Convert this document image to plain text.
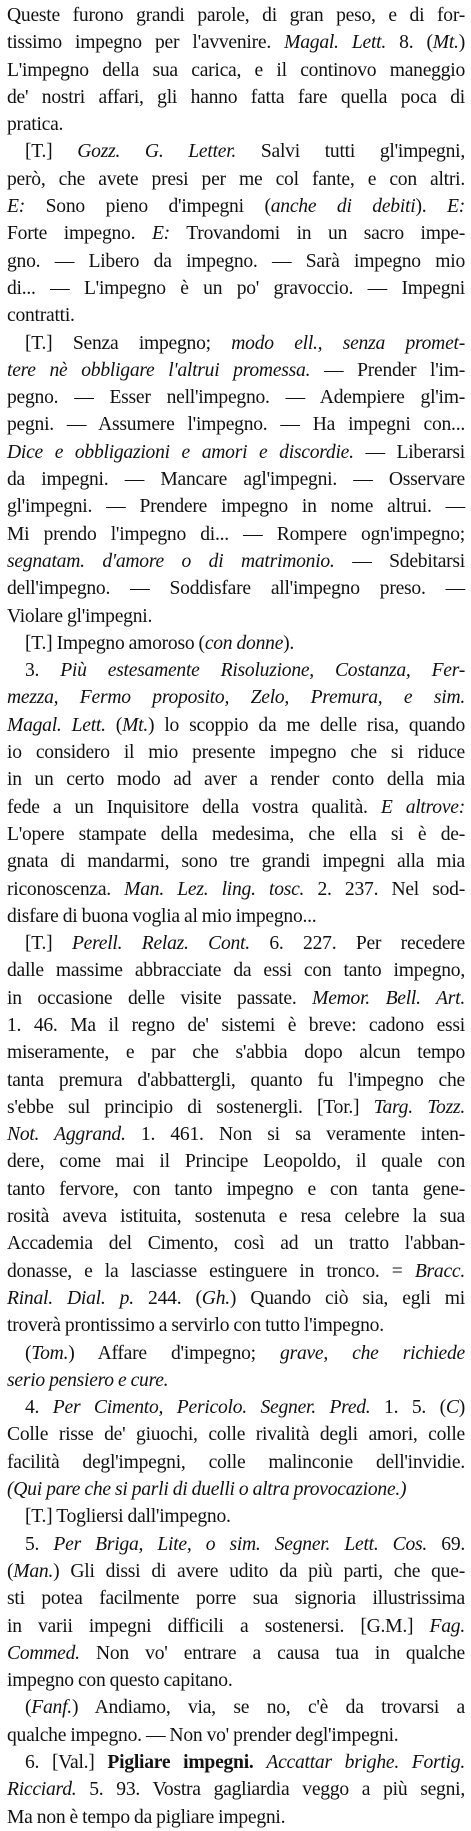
Queste furono grandi parole, di gran peso, e di for-
tissimo impegno per l'avvenire. Magal. Lett. 8. (Mt.)
L'impegno della sua carica, e il continovo maneggio
de' nostri affari, gli hanno fatta fare quella poca di
pratica.
[T.] Gozz. G. Letter. Salvi tutti gl'impegni,
però, che avete presi per me col fante, e con altri.
E: Sono pieno d'impegni (anche di debiti). E:
Forte impegno. E: Trovandomi in un sacro impe-
gno. — Libero da impegno. — Sarà impegno mio
di... — L'impegno è un po' gravoccio. — Impegni
contratti.
[T.] Senza impegno; modo ell., senza promet-
tere nè obbligare l'altrui promessa. — Prender l'im-
pegno. — Esser nell'impegno. — Adempiere gl'im-
pegni. — Assumere l'impegno. — Ha impegni con...
Dice e obbligazioni e amori e discordie. — Liberarsi
da impegni. — Mancare agl'impegni. — Osservare
gl'impegni. — Prendere impegno in nome altrui. —
Mi prendo l'impegno di... — Rompere ogn'impegno;
segnatam. d'amore o di matrimonio. — Sdebitarsi
dell'impegno. — Soddisfare all'impegno preso. —
Violare gl'impegni.
[T.] Impegno amoroso (con donne).
3. Più estesamente Risoluzione, Costanza, Fer-
mezza, Fermo proposito, Zelo, Premura, e sim.
Magal. Lett. (Mt.) lo scoppio da me delle risa, quando
io considero il mio presente impegno che si riduce
in un certo modo ad aver a render conto della mia
fede a un Inquisitore della vostra qualità. E altrove:
L'opere stampate della medesima, che ella si è de-
gnata di mandarmi, sono tre grandi impegni alla mia
riconoscenza. Man. Lez. ling. tosc. 2. 237. Nel sod-
disfare di buona voglia al mio impegno...
[T.] Perell. Relaz. Cont. 6. 227. Per recedere
dalle massime abbracciate da essi con tanto impegno,
in occasione delle visite passate. Memor. Bell. Art.
1. 46. Ma il regno de' sistemi è breve: cadono essi
miseramente, e par che s'abbia dopo alcun tempo
tanta premura d'abbattergli, quanto fu l'impegno che
s'ebbe sul principio di sostenergli. [Tor.] Targ. Tozz.
Not. Aggrand. 1. 461. Non si sa veramente inten-
dere, come mai il Principe Leopoldo, il quale con
tanto fervore, con tanto impegno e con tanta gene-
rosità aveva istituita, sostenuta e resa celebre la sua
Accademia del Cimento, così ad un tratto l'abban-
donasse, e la lasciasse estinguere in tronco. = Bracc.
Rinal. Dial. p. 244. (Gh.) Quando ciò sia, egli mi
troverà prontissimo a servirlo con tutto l'impegno.
(Tom.) Affare d'impegno; grave, che richiede
serio pensiero e cure.
4. Per Cimento, Pericolo. Segner. Pred. 1. 5. (C)
Colle risse de' giuochi, colle rivalità degli amori, colle
facilità degl'impegni, colle malinconie dell'invidie.
(Qui pare che si parli di duelli o altra provocazione.)
[T.] Togliersi dall'impegno.
5. Per Briga, Lite, o sim. Segner. Lett. Cos. 69.
(Man.) Gli dissi di avere udito da più parti, che que-
sti potea facilmente porre sua signoria illustrissima
in varii impegni difficili a sostenersi. [G.M.] Fag.
Commed. Non vo' entrare a causa tua in qualche
impegno con questo capitano.
(Fanf.) Andiamo, via, se no, c'è da trovarsi a
qualche impegno. — Non vo' prender degl'impegni.
6. [Val.] Pigliare impegni. Accattar brighe. Fortig.
Ricciard. 5. 93. Vostra gagliardia veggo a più segni,
Ma non è tempo da pigliare impegni.
